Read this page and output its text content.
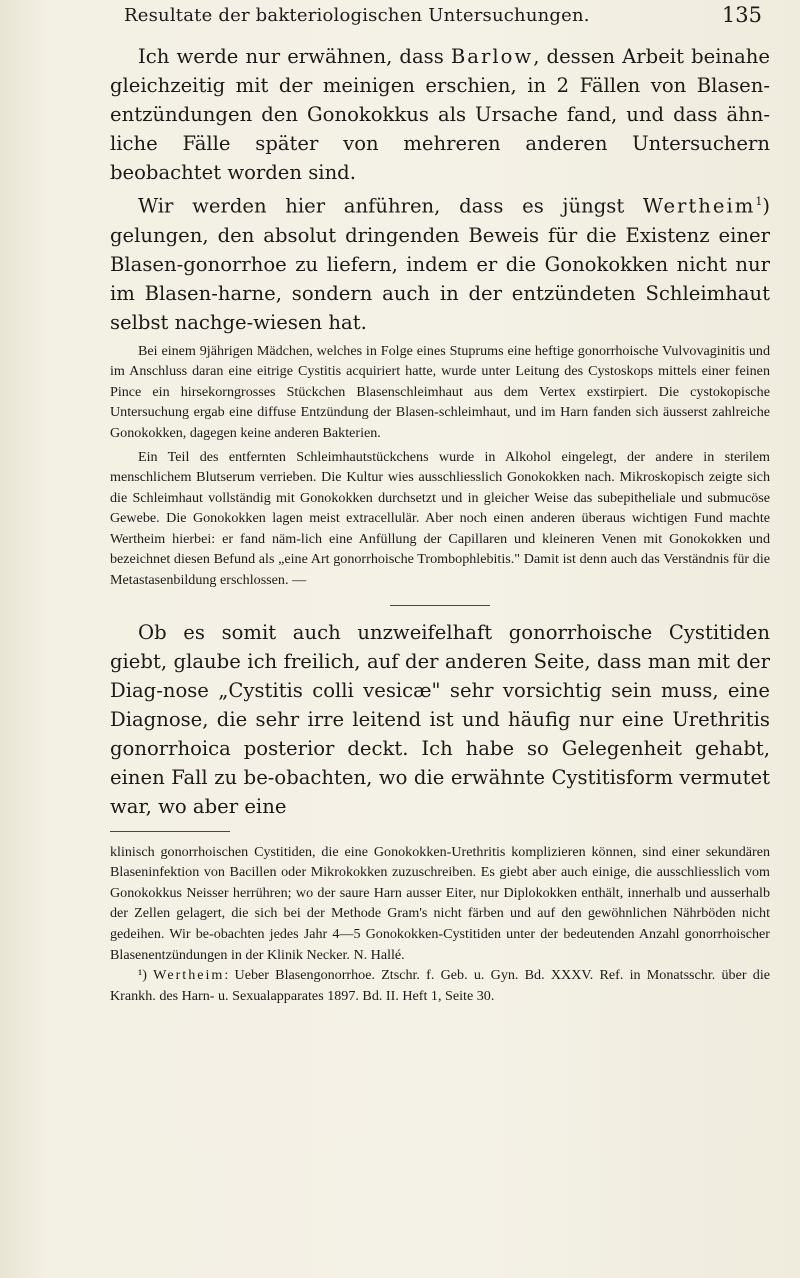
Resultate der bakteriologischen Untersuchungen.	135

Ich werde nur erwähnen, dass Barlow, dessen Arbeit beinahe gleichzeitig mit der meinigen erschien, in 2 Fällen von Blasen-entzündungen den Gonokokkus als Ursache fand, und dass ähn-liche Fälle später von mehreren anderen Untersuchern beobachtet worden sind.

Wir werden hier anführen, dass es jüngst Wertheim$^1$) gelungen, den absolut dringenden Beweis für die Existenz einer Blasen-gonorrhoe zu liefern, indem er die Gonokokken nicht nur im Blasen-harne, sondern auch in der entzündeten Schleimhaut selbst nachge-wiesen hat.

Bei einem 9jährigen Mädchen, welches in Folge eines Stuprums eine heftige gonorrhoische Vulvovaginitis und im Anschluss daran eine eitrige Cystitis acquiriert hatte, wurde unter Leitung des Cystoskops mittels einer feinen Pince ein hirsekorngrosses Stückchen Blasenschleimhaut aus dem Vertex exstirpiert. Die cystokopische Untersuchung ergab eine diffuse Entzündung der Blasen-schleimhaut, und im Harn fanden sich äusserst zahlreiche Gonokokken, dagegen keine anderen Bakterien.

Ein Teil des entfernten Schleimhautstückchens wurde in Alkohol eingelegt, der andere in sterilem menschlichem Blutserum verrieben. Die Kultur wies ausschliesslich Gonokokken nach. Mikroskopisch zeigte sich die Schleimhaut vollständig mit Gonokokken durchsetzt und in gleicher Weise das subepitheliale und submucöse Gewebe. Die Gonokokken lagen meist extracellulär. Aber noch einen anderen überaus wichtigen Fund machte Wertheim hierbei: er fand näm-lich eine Anfüllung der Capillaren und kleineren Venen mit Gonokokken und bezeichnet diesen Befund als „eine Art gonorrhoische Trombophlebitis." Damit ist denn auch das Verständnis für die Metastasenbildung erschlossen. —

Ob es somit auch unzweifelhaft gonorrhoische Cystitiden giebt, glaube ich freilich, auf der anderen Seite, dass man mit der Diag-nose „Cystitis colli vesicæ" sehr vorsichtig sein muss, eine Diagnose, die sehr irre leitend ist und häufig nur eine Urethritis gonorrhoica posterior deckt. Ich habe so Gelegenheit gehabt, einen Fall zu be-obachten, wo die erwähnte Cystitisform vermutet war, wo aber eine

klinisch gonorrhoischen Cystitiden, die eine Gonokokken-Urethritis komplizieren können, sind einer sekundären Blaseninfektion von Bacillen oder Mikrokokken zuzuschreiben. Es giebt aber auch einige, die ausschliesslich vom Gonokokkus Neisser herrühren; wo der saure Harn ausser Eiter, nur Diplokokken enthält, innerhalb und ausserhalb der Zellen gelagert, die sich bei der Methode Gram's nicht färben und auf den gewöhnlichen Nährböden nicht gedeihen. Wir be-obachten jedes Jahr 4—5 Gonokokken-Cystitiden unter der bedeutenden Anzahl gonorrhoischer Blasenentzündungen in der Klinik Necker. N. Hallé.

¹) Wertheim: Ueber Blasengonorrhoe. Ztschr. f. Geb. u. Gyn. Bd. XXXV. Ref. in Monatsschr. über die Krankh. des Harn- u. Sexualapparates 1897. Bd. II. Heft 1, Seite 30.
